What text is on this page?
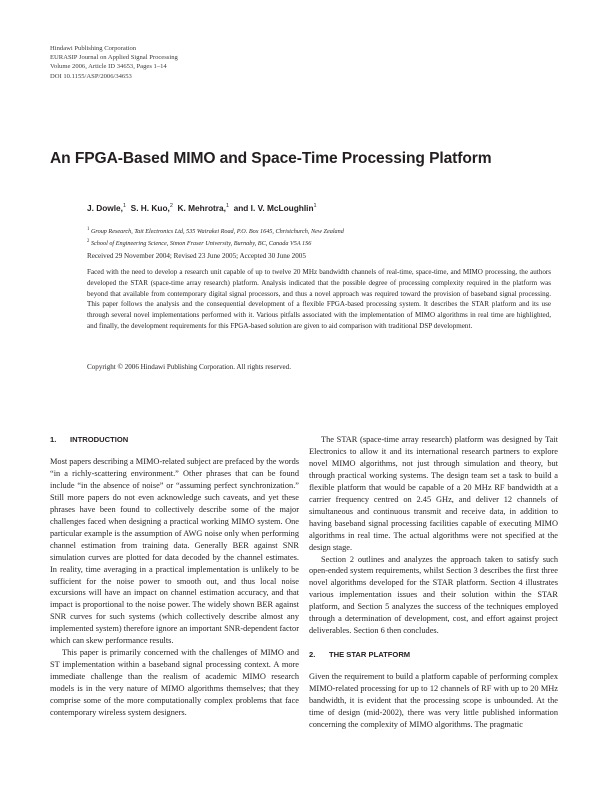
Hindawi Publishing Corporation
EURASIP Journal on Applied Signal Processing
Volume 2006, Article ID 34653, Pages 1–14
DOI 10.1155/ASP/2006/34653
An FPGA-Based MIMO and Space-Time Processing Platform
J. Dowle,$^1$ S. H. Kuo,$^2$ K. Mehrotra,$^1$ and I. V. McLoughlin$^1$
$^1$ Group Research, Tait Electronics Ltd, 535 Wairakei Road, P.O. Box 1645, Christchurch, New Zealand
$^2$ School of Engineering Science, Simon Fraser University, Burnaby, BC, Canada V5A 1S6
Received 29 November 2004; Revised 23 June 2005; Accepted 30 June 2005
Faced with the need to develop a research unit capable of up to twelve 20 MHz bandwidth channels of real-time, space-time, and MIMO processing, the authors developed the STAR (space-time array research) platform. Analysis indicated that the possible degree of processing complexity required in the platform was beyond that available from contemporary digital signal processors, and thus a novel approach was required toward the provision of baseband signal processing. This paper follows the analysis and the consequential development of a flexible FPGA-based processing system. It describes the STAR platform and its use through several novel implementations performed with it. Various pitfalls associated with the implementation of MIMO algorithms in real time are highlighted, and finally, the development requirements for this FPGA-based solution are given to aid comparison with traditional DSP development.
Copyright © 2006 Hindawi Publishing Corporation. All rights reserved.
1. INTRODUCTION

Most papers describing a MIMO-related subject are prefaced by the words “in a richly-scattering environment.” Other phrases that can be found include “in the absence of noise” or “assuming perfect synchronization.” Still more papers do not even acknowledge such caveats, and yet these phrases have been found to collectively describe some of the major challenges faced when designing a practical working MIMO system. One particular example is the assumption of AWG noise only when performing channel estimation from training data. Generally BER against SNR simulation curves are plotted for data decoded by the channel estimates. In reality, time averaging in a practical implementation is unlikely to be sufficient for the noise power to smooth out, and thus local noise excursions will have an impact on channel estimation accuracy, and that impact is proportional to the noise power. The widely shown BER against SNR curves for such systems (which collectively describe almost any implemented system) therefore ignore an important SNR-dependent factor which can skew performance results.

This paper is primarily concerned with the challenges of MIMO and ST implementation within a baseband signal processing context. A more immediate challenge than the realism of academic MIMO research models is in the very nature of MIMO algorithms themselves; that they comprise some of the more computationally complex problems that face contemporary wireless system designers.

The STAR (space-time array research) platform was designed by Tait Electronics to allow it and its international research partners to explore novel MIMO algorithms, not just through simulation and theory, but through practical working systems. The design team set a task to build a flexible platform that would be capable of a 20 MHz RF bandwidth at a carrier frequency centred on 2.45 GHz, and deliver 12 channels of simultaneous and continuous transmit and receive data, in addition to having baseband signal processing facilities capable of executing MIMO algorithms in real time. The actual algorithms were not specified at the design stage.

Section 2 outlines and analyzes the approach taken to satisfy such open-ended system requirements, whilst Section 3 describes the first three novel algorithms developed for the STAR platform. Section 4 illustrates various implementation issues and their solution within the STAR platform, and Section 5 analyzes the success of the techniques employed through a determination of development, cost, and effort against project deliverables. Section 6 then concludes.

2. THE STAR PLATFORM

Given the requirement to build a platform capable of performing complex MIMO-related processing for up to 12 channels of RF with up to 20 MHz bandwidth, it is evident that the processing scope is unbounded. At the time of design (mid-2002), there was very little published information concerning the complexity of MIMO algorithms. The pragmatic
